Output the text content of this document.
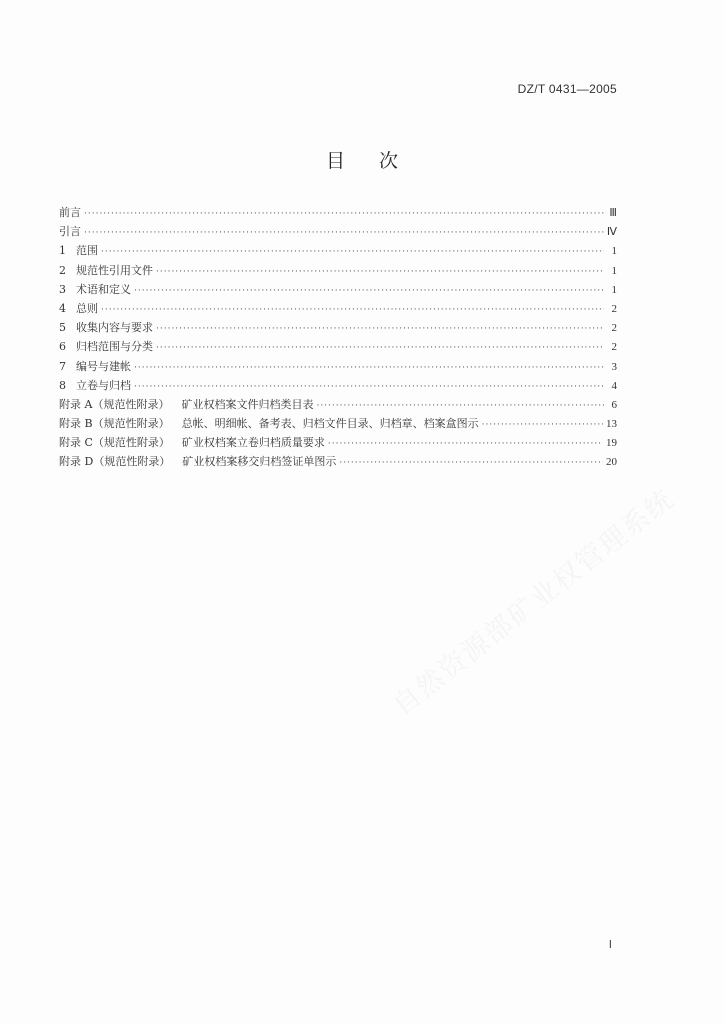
DZ/T 0431—2005
目次
前言 ·····	Ⅲ
引言 ·····	Ⅳ
1 范围 ·····	1
2 规范性引用文件 ·····	1
3 术语和定义 ·····	1
4 总则 ·····	2
5 收集内容与要求 ·····	2
6 归档范围与分类 ·····	2
7 编号与建帐 ·····	3
8 立卷与归档 ·····	4
附录 A（规范性附录）	矿业权档案文件归档类目表 ·····	6
附录 B（规范性附录）	总帐、明细帐、备考表、归档文件目录、归档章、档案盒图示 ·····	13
附录 C（规范性附录）	矿业权档案立卷归档质量要求 ·····	19
附录 D（规范性附录）	矿业权档案移交归档签证单图示 ·····	20
自然资源部矿业权管理系统
Ⅰ
